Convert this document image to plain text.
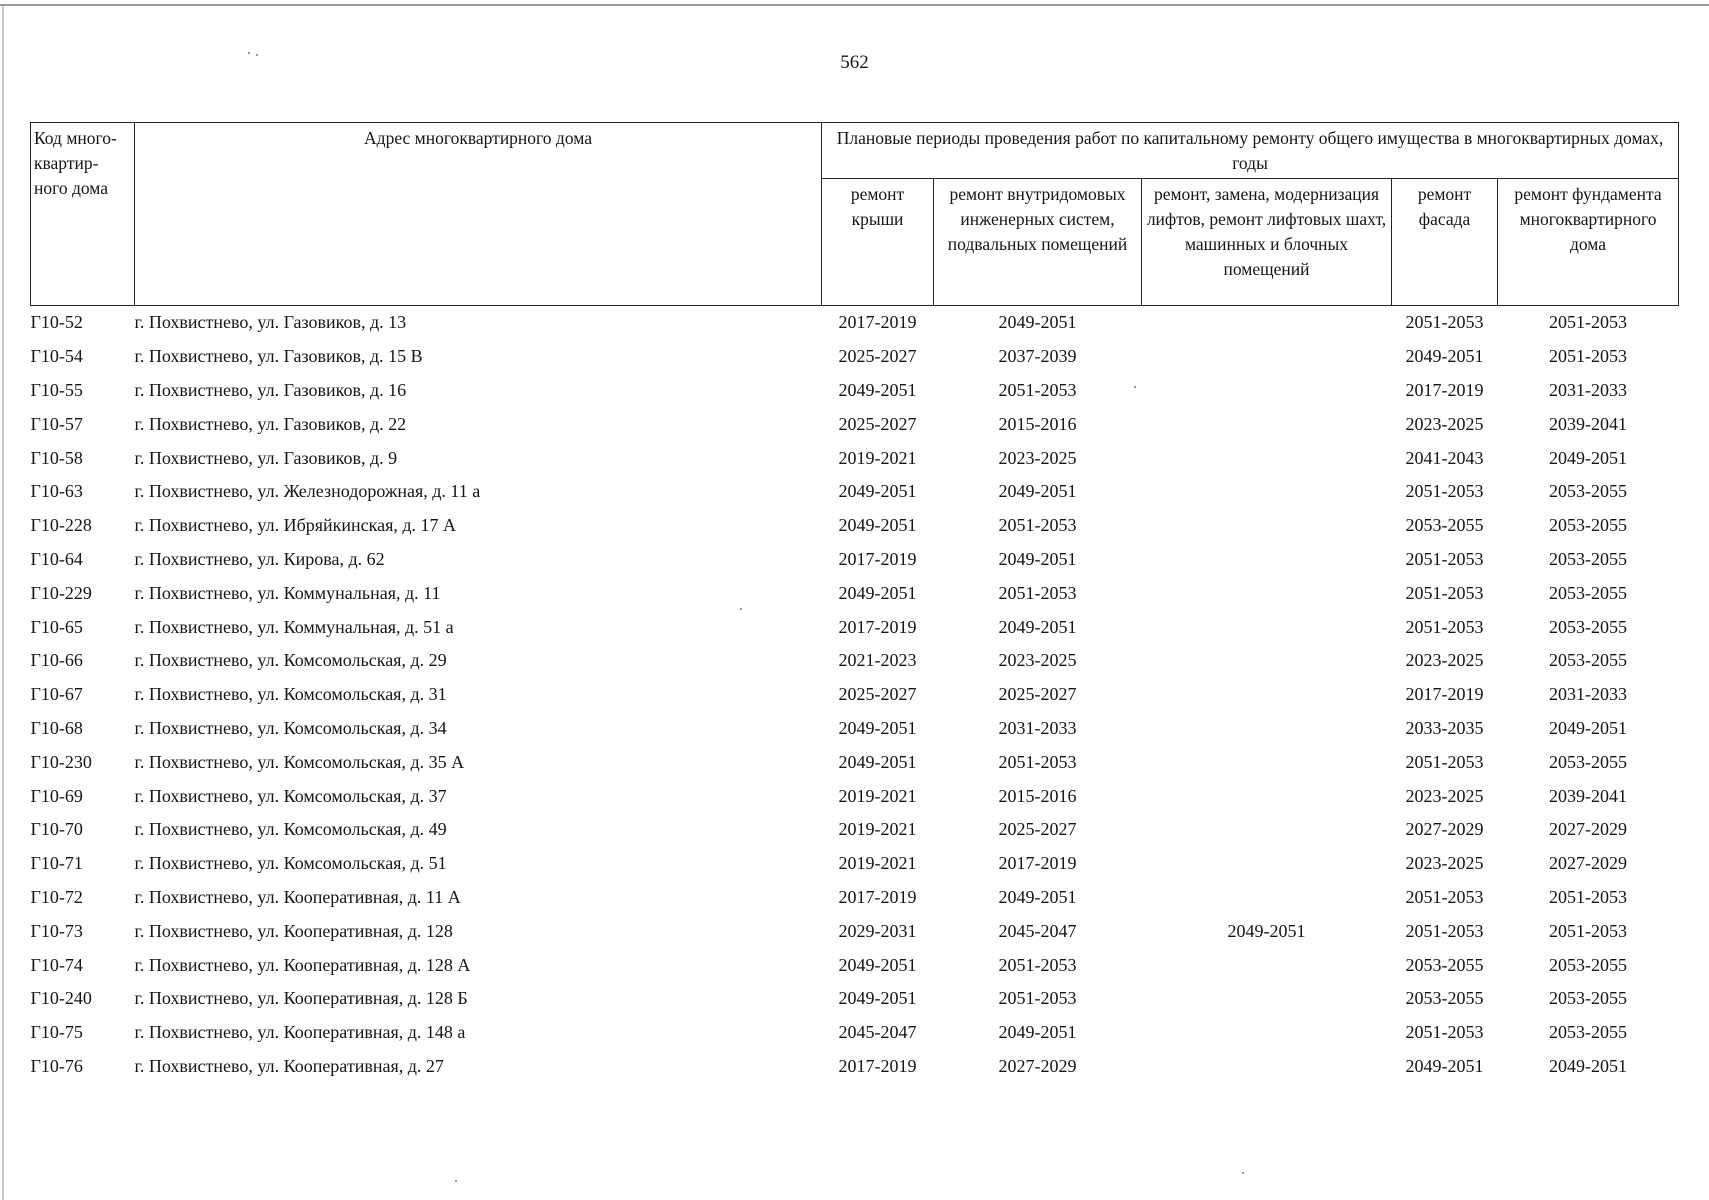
562
Код много-квартир-ного дома	Адрес многоквартирного дома	Плановые периоды проведения работ по капитальному ремонту общего имущества в многоквартирных домах, годы				
		ремонт крыши	ремонт внутридомовых инженерных систем, подвальных помещений	ремонт, замена, модернизация лифтов, ремонт лифтовых шахт, машинных и блочных помещений	ремонт фасада	ремонт фундамента многоквартирного дома
Г10-52	г. Похвистнево, ул. Газовиков, д. 13	2017-2019	2049-2051		2051-2053	2051-2053
Г10-54	г. Похвистнево, ул. Газовиков, д. 15 В	2025-2027	2037-2039		2049-2051	2051-2053
Г10-55	г. Похвистнево, ул. Газовиков, д. 16	2049-2051	2051-2053		2017-2019	2031-2033
Г10-57	г. Похвистнево, ул. Газовиков, д. 22	2025-2027	2015-2016		2023-2025	2039-2041
Г10-58	г. Похвистнево, ул. Газовиков, д. 9	2019-2021	2023-2025		2041-2043	2049-2051
Г10-63	г. Похвистнево, ул. Железнодорожная, д. 11 а	2049-2051	2049-2051		2051-2053	2053-2055
Г10-228	г. Похвистнево, ул. Ибряйкинская, д. 17 А	2049-2051	2051-2053		2053-2055	2053-2055
Г10-64	г. Похвистнево, ул. Кирова, д. 62	2017-2019	2049-2051		2051-2053	2053-2055
Г10-229	г. Похвистнево, ул. Коммунальная, д. 11	2049-2051	2051-2053		2051-2053	2053-2055
Г10-65	г. Похвистнево, ул. Коммунальная, д. 51 а	2017-2019	2049-2051		2051-2053	2053-2055
Г10-66	г. Похвистнево, ул. Комсомольская, д. 29	2021-2023	2023-2025		2023-2025	2053-2055
Г10-67	г. Похвистнево, ул. Комсомольская, д. 31	2025-2027	2025-2027		2017-2019	2031-2033
Г10-68	г. Похвистнево, ул. Комсомольская, д. 34	2049-2051	2031-2033		2033-2035	2049-2051
Г10-230	г. Похвистнево, ул. Комсомольская, д. 35 А	2049-2051	2051-2053		2051-2053	2053-2055
Г10-69	г. Похвистнево, ул. Комсомольская, д. 37	2019-2021	2015-2016		2023-2025	2039-2041
Г10-70	г. Похвистнево, ул. Комсомольская, д. 49	2019-2021	2025-2027		2027-2029	2027-2029
Г10-71	г. Похвистнево, ул. Комсомольская, д. 51	2019-2021	2017-2019		2023-2025	2027-2029
Г10-72	г. Похвистнево, ул. Кооперативная, д. 11 А	2017-2019	2049-2051		2051-2053	2051-2053
Г10-73	г. Похвистнево, ул. Кооперативная, д. 128	2029-2031	2045-2047	2049-2051	2051-2053	2051-2053
Г10-74	г. Похвистнево, ул. Кооперативная, д. 128 А	2049-2051	2051-2053		2053-2055	2053-2055
Г10-240	г. Похвистнево, ул. Кооперативная, д. 128 Б	2049-2051	2051-2053		2053-2055	2053-2055
Г10-75	г. Похвистнево, ул. Кооперативная, д. 148 а	2045-2047	2049-2051		2051-2053	2053-2055
Г10-76	г. Похвистнево, ул. Кооперативная, д. 27	2017-2019	2027-2029		2049-2051	2049-2051
